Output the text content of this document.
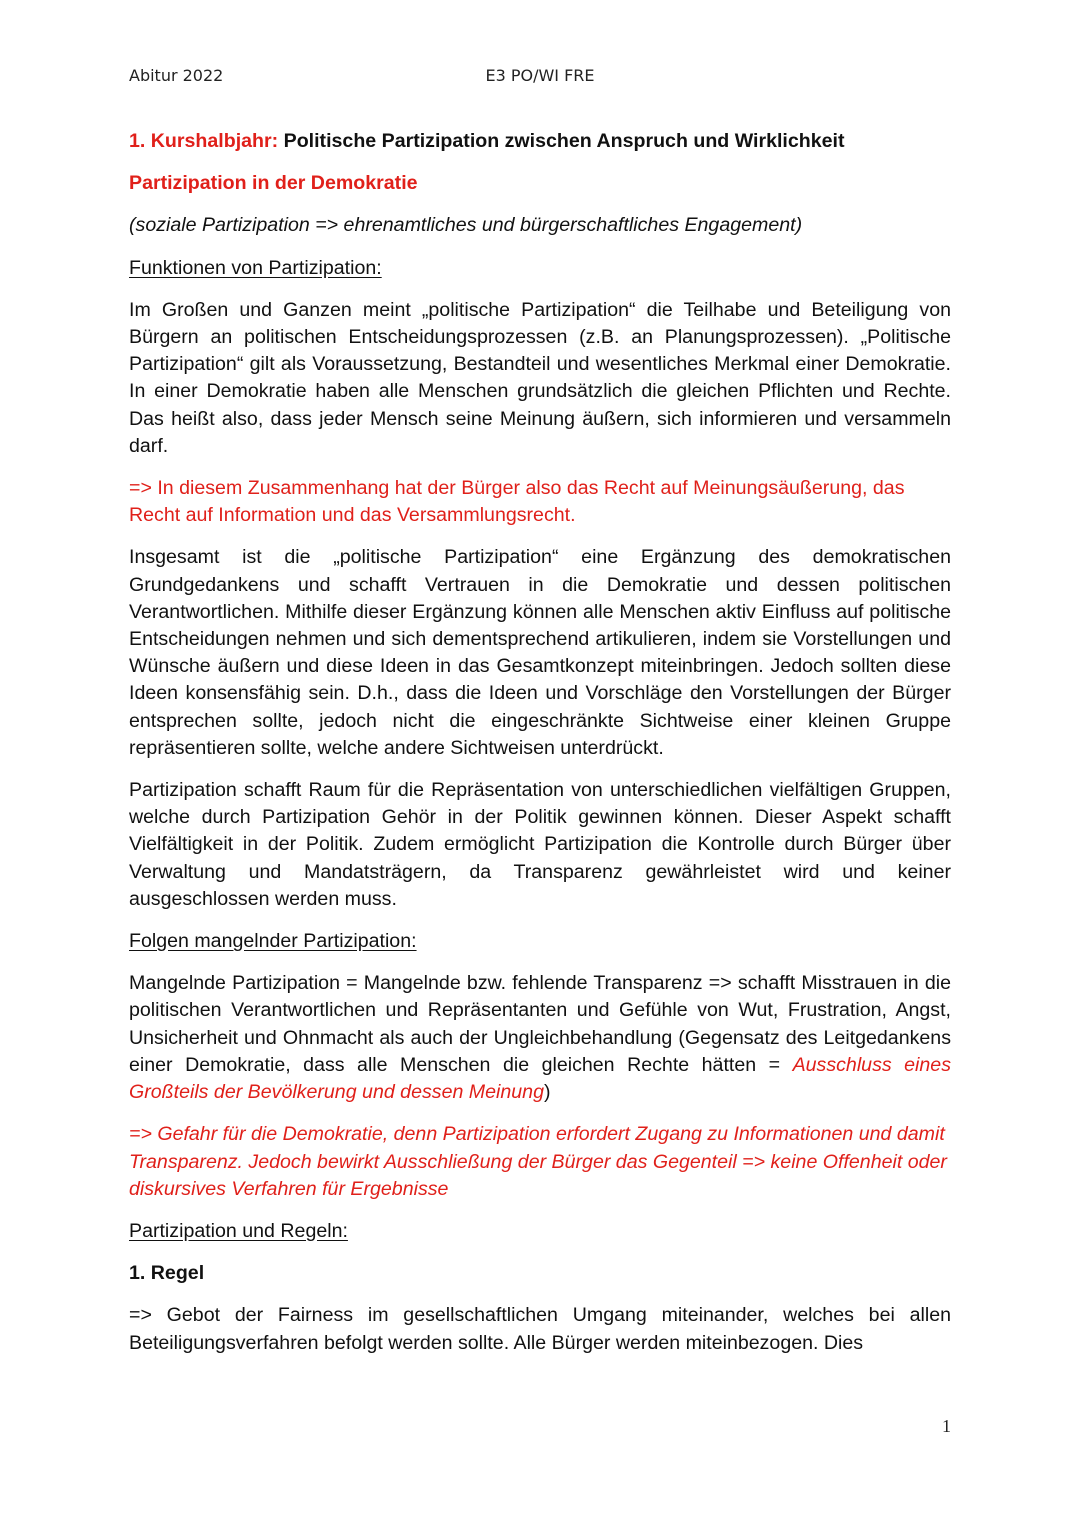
Abitur 2022	E3 PO/WI FRE

1. Kurshalbjahr: Politische Partizipation zwischen Anspruch und Wirklichkeit

Partizipation in der Demokratie

(soziale Partizipation => ehrenamtliches und bürgerschaftliches Engagement)

Funktionen von Partizipation:

Im Großen und Ganzen meint „politische Partizipation“ die Teilhabe und Beteiligung von Bürgern an politischen Entscheidungsprozessen (z.B. an Planungsprozessen). „Politische Partizipation“ gilt als Voraussetzung, Bestandteil und wesentliches Merkmal einer Demokratie. In einer Demokratie haben alle Menschen grundsätzlich die gleichen Pflichten und Rechte. Das heißt also, dass jeder Mensch seine Meinung äußern, sich informieren und versammeln darf.

=> In diesem Zusammenhang hat der Bürger also das Recht auf Meinungsäußerung, das Recht auf Information und das Versammlungsrecht.

Insgesamt ist die „politische Partizipation“ eine Ergänzung des demokratischen Grundgedankens und schafft Vertrauen in die Demokratie und dessen politischen Verantwortlichen. Mithilfe dieser Ergänzung können alle Menschen aktiv Einfluss auf politische Entscheidungen nehmen und sich dementsprechend artikulieren, indem sie Vorstellungen und Wünsche äußern und diese Ideen in das Gesamtkonzept miteinbringen. Jedoch sollten diese Ideen konsensfähig sein. D.h., dass die Ideen und Vorschläge den Vorstellungen der Bürger entsprechen sollte, jedoch nicht die eingeschränkte Sichtweise einer kleinen Gruppe repräsentieren sollte, welche andere Sichtweisen unterdrückt.

Partizipation schafft Raum für die Repräsentation von unterschiedlichen vielfältigen Gruppen, welche durch Partizipation Gehör in der Politik gewinnen können. Dieser Aspekt schafft Vielfältigkeit in der Politik. Zudem ermöglicht Partizipation die Kontrolle durch Bürger über Verwaltung und Mandatsträgern, da Transparenz gewährleistet wird und keiner ausgeschlossen werden muss.

Folgen mangelnder Partizipation:

Mangelnde Partizipation = Mangelnde bzw. fehlende Transparenz => schafft Misstrauen in die politischen Verantwortlichen und Repräsentanten und Gefühle von Wut, Frustration, Angst, Unsicherheit und Ohnmacht als auch der Ungleichbehandlung (Gegensatz des Leitgedankens einer Demokratie, dass alle Menschen die gleichen Rechte hätten = Ausschluss eines Großteils der Bevölkerung und dessen Meinung)

=> Gefahr für die Demokratie, denn Partizipation erfordert Zugang zu Informationen und damit Transparenz. Jedoch bewirkt Ausschließung der Bürger das Gegenteil => keine Offenheit oder diskursives Verfahren für Ergebnisse

Partizipation und Regeln:

1. Regel

=> Gebot der Fairness im gesellschaftlichen Umgang miteinander, welches bei allen Beteiligungsverfahren befolgt werden sollte. Alle Bürger werden miteinbezogen. Dies

1
